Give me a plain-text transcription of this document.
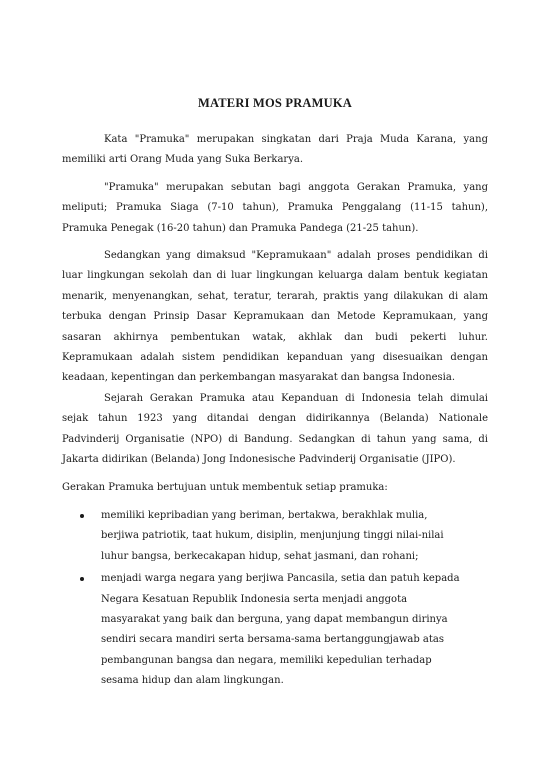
MATERI MOS PRAMUKA

Kata "Pramuka" merupakan singkatan dari Praja Muda Karana, yang memiliki arti Orang Muda yang Suka Berkarya.

"Pramuka" merupakan sebutan bagi anggota Gerakan Pramuka, yang meliputi; Pramuka Siaga (7-10 tahun), Pramuka Penggalang (11-15 tahun), Pramuka Penegak (16-20 tahun) dan Pramuka Pandega (21-25 tahun).

Sedangkan yang dimaksud "Kepramukaan" adalah proses pendidikan di luar lingkungan sekolah dan di luar lingkungan keluarga dalam bentuk kegiatan menarik, menyenangkan, sehat, teratur, terarah, praktis yang dilakukan di alam terbuka dengan Prinsip Dasar Kepramukaan dan Metode Kepramukaan, yang sasaran akhirnya pembentukan watak, akhlak dan budi pekerti luhur. Kepramukaan adalah sistem pendidikan kepanduan yang disesuaikan dengan keadaan, kepentingan dan perkembangan masyarakat dan bangsa Indonesia.

Sejarah Gerakan Pramuka atau Kepanduan di Indonesia telah dimulai sejak tahun 1923 yang ditandai dengan didirikannya (Belanda) Nationale Padvinderij Organisatie (NPO) di Bandung. Sedangkan di tahun yang sama, di Jakarta didirikan (Belanda) Jong Indonesische Padvinderij Organisatie (JIPO).

Gerakan Pramuka bertujuan untuk membentuk setiap pramuka:

memiliki kepribadian yang beriman, bertakwa, berakhlak mulia, berjiwa patriotik, taat hukum, disiplin, menjunjung tinggi nilai-nilai luhur bangsa, berkecakapan hidup, sehat jasmani, dan rohani;
menjadi warga negara yang berjiwa Pancasila, setia dan patuh kepada Negara Kesatuan Republik Indonesia serta menjadi anggota masyarakat yang baik dan berguna, yang dapat membangun dirinya sendiri secara mandiri serta bersama-sama bertanggungjawab atas pembangunan bangsa dan negara, memiliki kepedulian terhadap sesama hidup dan alam lingkungan.
